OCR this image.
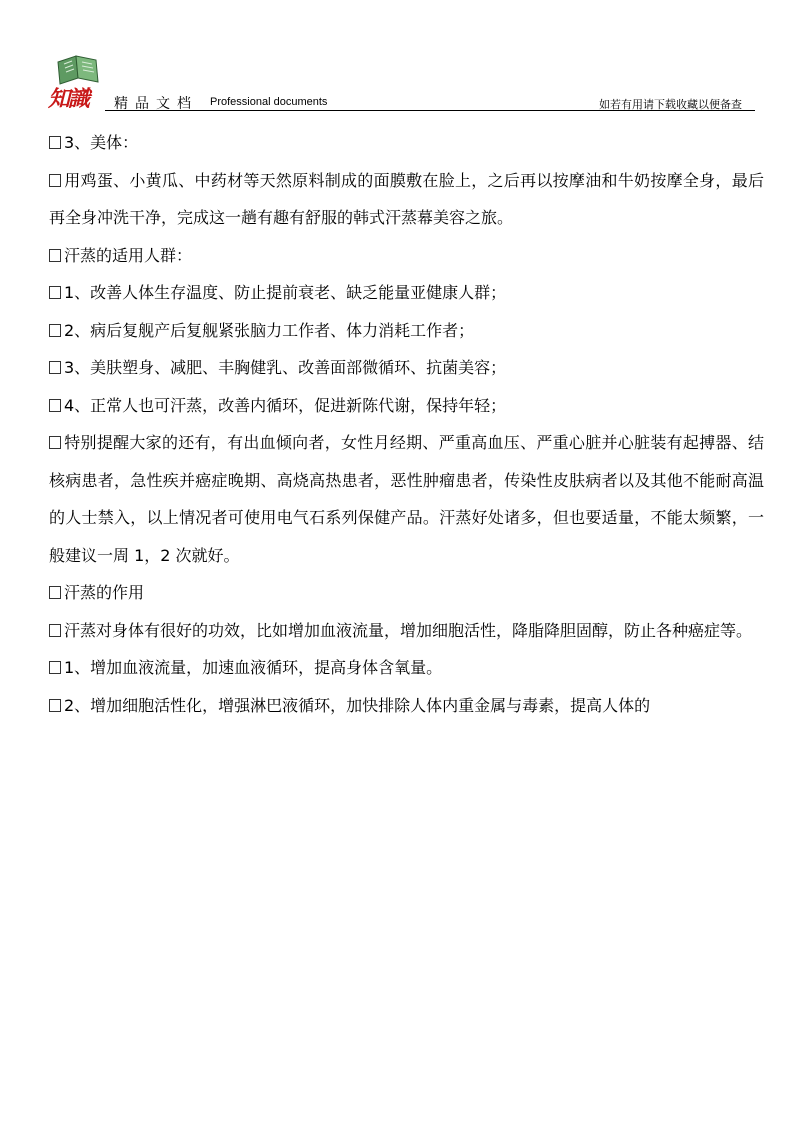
知識 精品文档 Professional documents	如若有用请下载收藏以便备查

3、美体：

用鸡蛋、小黄瓜、中药材等天然原料制成的面膜敷在脸上，之后再以按摩油和牛奶按摩全身，最后再全身冲洗干净，完成这一趟有趣有舒服的韩式汗蒸幕美容之旅。

汗蒸的适用人群：

1、改善人体生存温度、防止提前衰老、缺乏能量亚健康人群；

2、病后复舰产后复舰紧张脑力工作者、体力消耗工作者；

3、美肤塑身、减肥、丰胸健乳、改善面部微循环、抗菌美容；

4、正常人也可汗蒸，改善内循环，促进新陈代谢，保持年轻；

特别提醒大家的还有，有出血倾向者，女性月经期、严重高血压、严重心脏并心脏装有起搏器、结核病患者，急性疾并癌症晚期、高烧高热患者，恶性肿瘤患者，传染性皮肤病者以及其他不能耐高温的人士禁入，以上情况者可使用电气石系列保健产品。汗蒸好处诸多，但也要适量，不能太频繁，一般建议一周 1，2 次就好。

汗蒸的作用

汗蒸对身体有很好的功效，比如增加血液流量，增加细胞活性，降脂降胆固醇，防止各种癌症等。

1、增加血液流量，加速血液循环，提高身体含氧量。

2、增加细胞活性化，增强淋巴液循环，加快排除人体内重金属与毒素，提高人体的
